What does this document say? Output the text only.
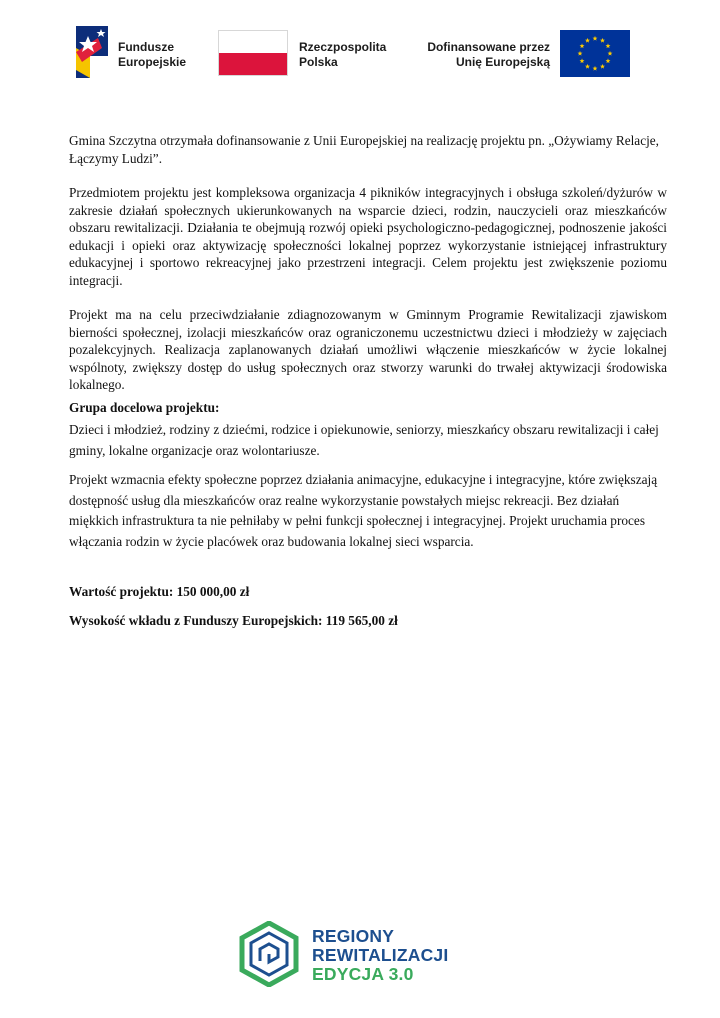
Fundusze
Europejskie
Rzeczpospolita
Polska
Dofinansowane przez
Unię Europejską

Gmina Szczytna otrzymała dofinansowanie z Unii Europejskiej na realizację projektu pn. „Ożywiamy Relacje, Łączymy Ludzi”.

Przedmiotem projektu jest kompleksowa organizacja 4 pikników integracyjnych i obsługa szkoleń/dyżurów w zakresie działań społecznych ukierunkowanych na wsparcie dzieci, rodzin, nauczycieli oraz mieszkańców obszaru rewitalizacji. Działania te obejmują rozwój opieki psychologiczno-pedagogicznej, podnoszenie jakości edukacji i opieki oraz aktywizację społeczności lokalnej poprzez wykorzystanie istniejącej infrastruktury edukacyjnej i sportowo rekreacyjnej jako przestrzeni integracji. Celem projektu jest zwiększenie poziomu integracji.

Projekt ma na celu przeciwdziałanie zdiagnozowanym w Gminnym Programie Rewitalizacji zjawiskom bierności społecznej, izolacji mieszkańców oraz ograniczonemu uczestnictwu dzieci i młodzieży w zajęciach pozalekcyjnych. Realizacja zaplanowanych działań umożliwi włączenie mieszkańców w życie lokalnej wspólnoty, zwiększy dostęp do usług społecznych oraz stworzy warunki do trwałej aktywizacji środowiska lokalnego.

Grupa docelowa projektu:

Dzieci i młodzież, rodziny z dziećmi, rodzice i opiekunowie, seniorzy, mieszkańcy obszaru rewitalizacji i całej gminy, lokalne organizacje oraz wolontariusze.

Projekt wzmacnia efekty społeczne poprzez działania animacyjne, edukacyjne i integracyjne, które zwiększają dostępność usług dla mieszkańców oraz realne wykorzystanie powstałych miejsc rekreacji. Bez działań miękkich infrastruktura ta nie pełniłaby w pełni funkcji społecznej i integracyjnej. Projekt uruchamia proces włączania rodzin w życie placówek oraz budowania lokalnej sieci wsparcia.

Wartość projektu: 150 000,00 zł

Wysokość wkładu z Funduszy Europejskich: 119 565,00 zł

REGIONY
REWITALIZACJI
EDYCJA 3.0
